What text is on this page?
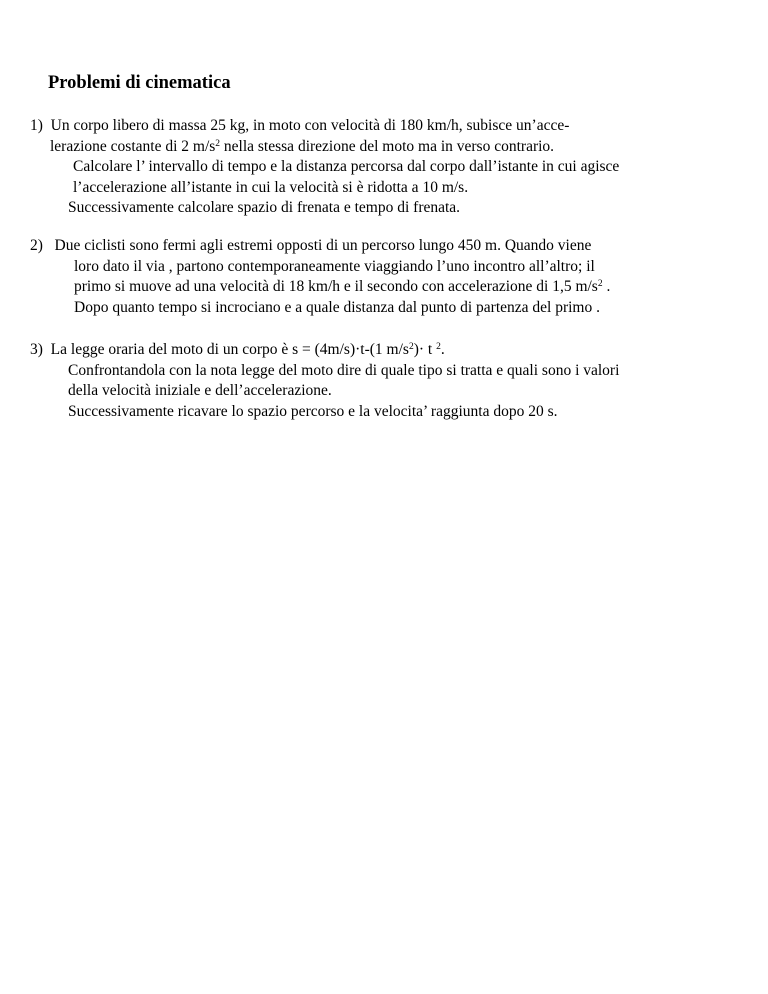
Problemi di cinematica
1) Un corpo libero di massa 25 kg, in moto con velocità di 180 km/h, subisce un’acce-
lerazione costante di 2 $m/s^2$ nella stessa direzione del moto ma in verso contrario.
Calcolare l’ intervallo di tempo e la distanza percorsa dal corpo dall’istante in cui agisce
l’accelerazione all’istante in cui la velocità si è ridotta a 10 m/s.
Successivamente calcolare spazio di frenata e tempo di frenata.
2) Due ciclisti sono fermi agli estremi opposti di un percorso lungo 450 m. Quando viene
loro dato il via , partono contemporaneamente viaggiando l’uno incontro all’altro; il
primo si muove ad una velocità di 18 km/h e il secondo con accelerazione di 1,5 $m/s^2$ .
Dopo quanto tempo si incrociano e a quale distanza dal punto di partenza del primo .
3) La legge oraria del moto di un corpo è s = (4m/s)·t-(1 $m/s^2)\cdot t$ $^2$.
Confrontandola con la nota legge del moto dire di quale tipo si tratta e quali sono i valori
della velocità iniziale e dell’accelerazione.
Successivamente ricavare lo spazio percorso e la velocita’ raggiunta dopo 20 s.
